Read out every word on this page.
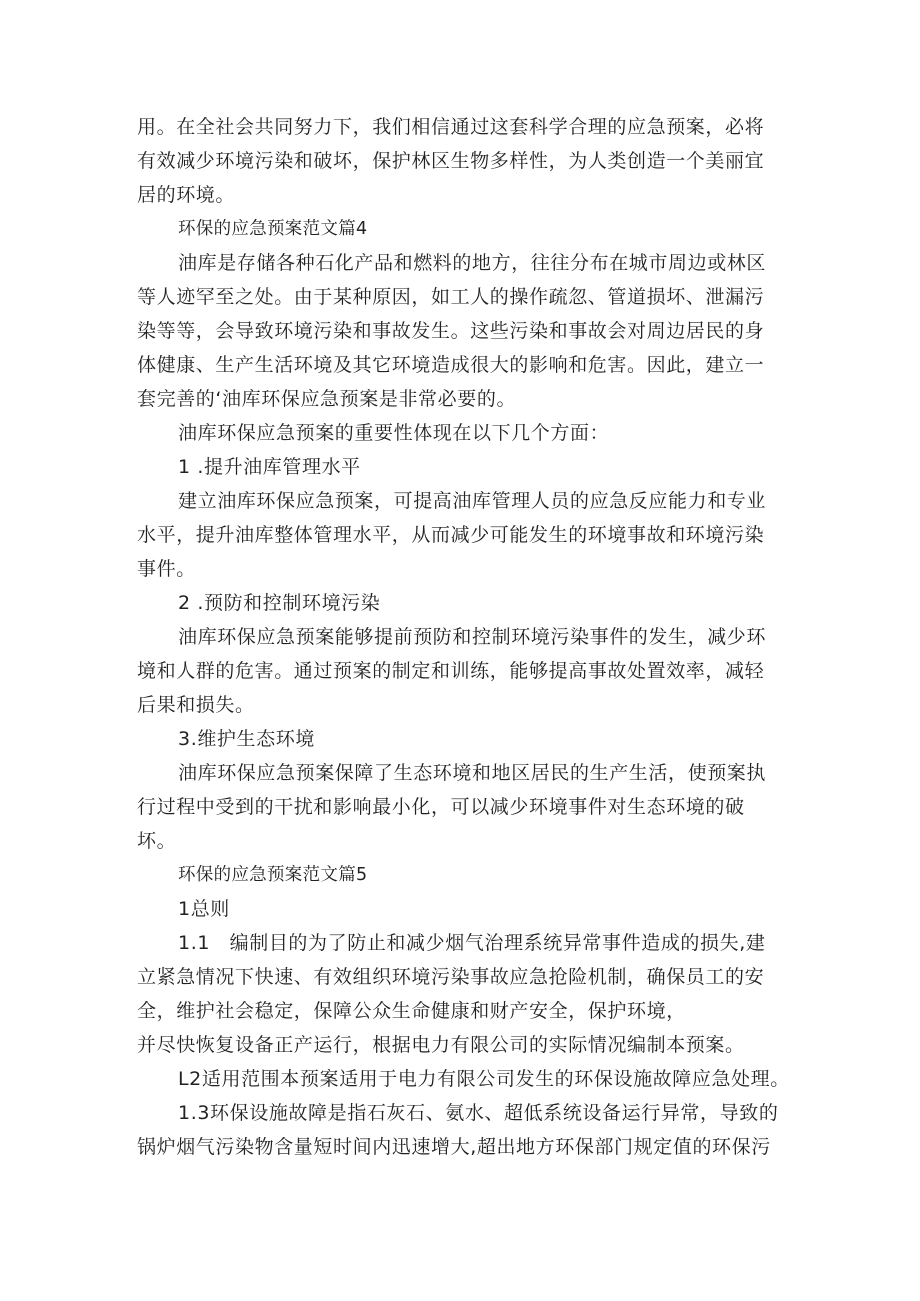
用。在全社会共同努力下，我们相信通过这套科学合理的应急预案，必将
有效减少环境污染和破坏，保护林区生物多样性，为人类创造一个美丽宜
居的环境。
环保的应急预案范文篇4
油库是存储各种石化产品和燃料的地方，往往分布在城市周边或林区
等人迹罕至之处。由于某种原因，如工人的操作疏忽、管道损坏、泄漏污
染等等，会导致环境污染和事故发生。这些污染和事故会对周边居民的身
体健康、生产生活环境及其它环境造成很大的影响和危害。因此，建立一
套完善的‘油库环保应急预案是非常必要的。
油库环保应急预案的重要性体现在以下几个方面：
1 .提升油库管理水平
建立油库环保应急预案，可提高油库管理人员的应急反应能力和专业
水平，提升油库整体管理水平，从而减少可能发生的环境事故和环境污染
事件。
2 .预防和控制环境污染
油库环保应急预案能够提前预防和控制环境污染事件的发生，减少环
境和人群的危害。通过预案的制定和训练，能够提高事故处置效率，减轻
后果和损失。
3.维护生态环境
油库环保应急预案保障了生态环境和地区居民的生产生活，使预案执
行过程中受到的干扰和影响最小化，可以减少环境事件对生态环境的破
坏。
环保的应急预案范文篇5
1总则
1.1　编制目的为了防止和减少烟气治理系统异常事件造成的损失,建
立紧急情况下快速、有效组织环境污染事故应急抢险机制，确保员工的安
全，维护社会稳定，保障公众生命健康和财产安全，保护环境，
并尽快恢复设备正产运行，根据电力有限公司的实际情况编制本预案。
L2适用范围本预案适用于电力有限公司发生的环保设施故障应急处理。
1.3环保设施故障是指石灰石、氨水、超低系统设备运行异常，导致的
锅炉烟气污染物含量短时间内迅速增大,超出地方环保部门规定值的环保污
